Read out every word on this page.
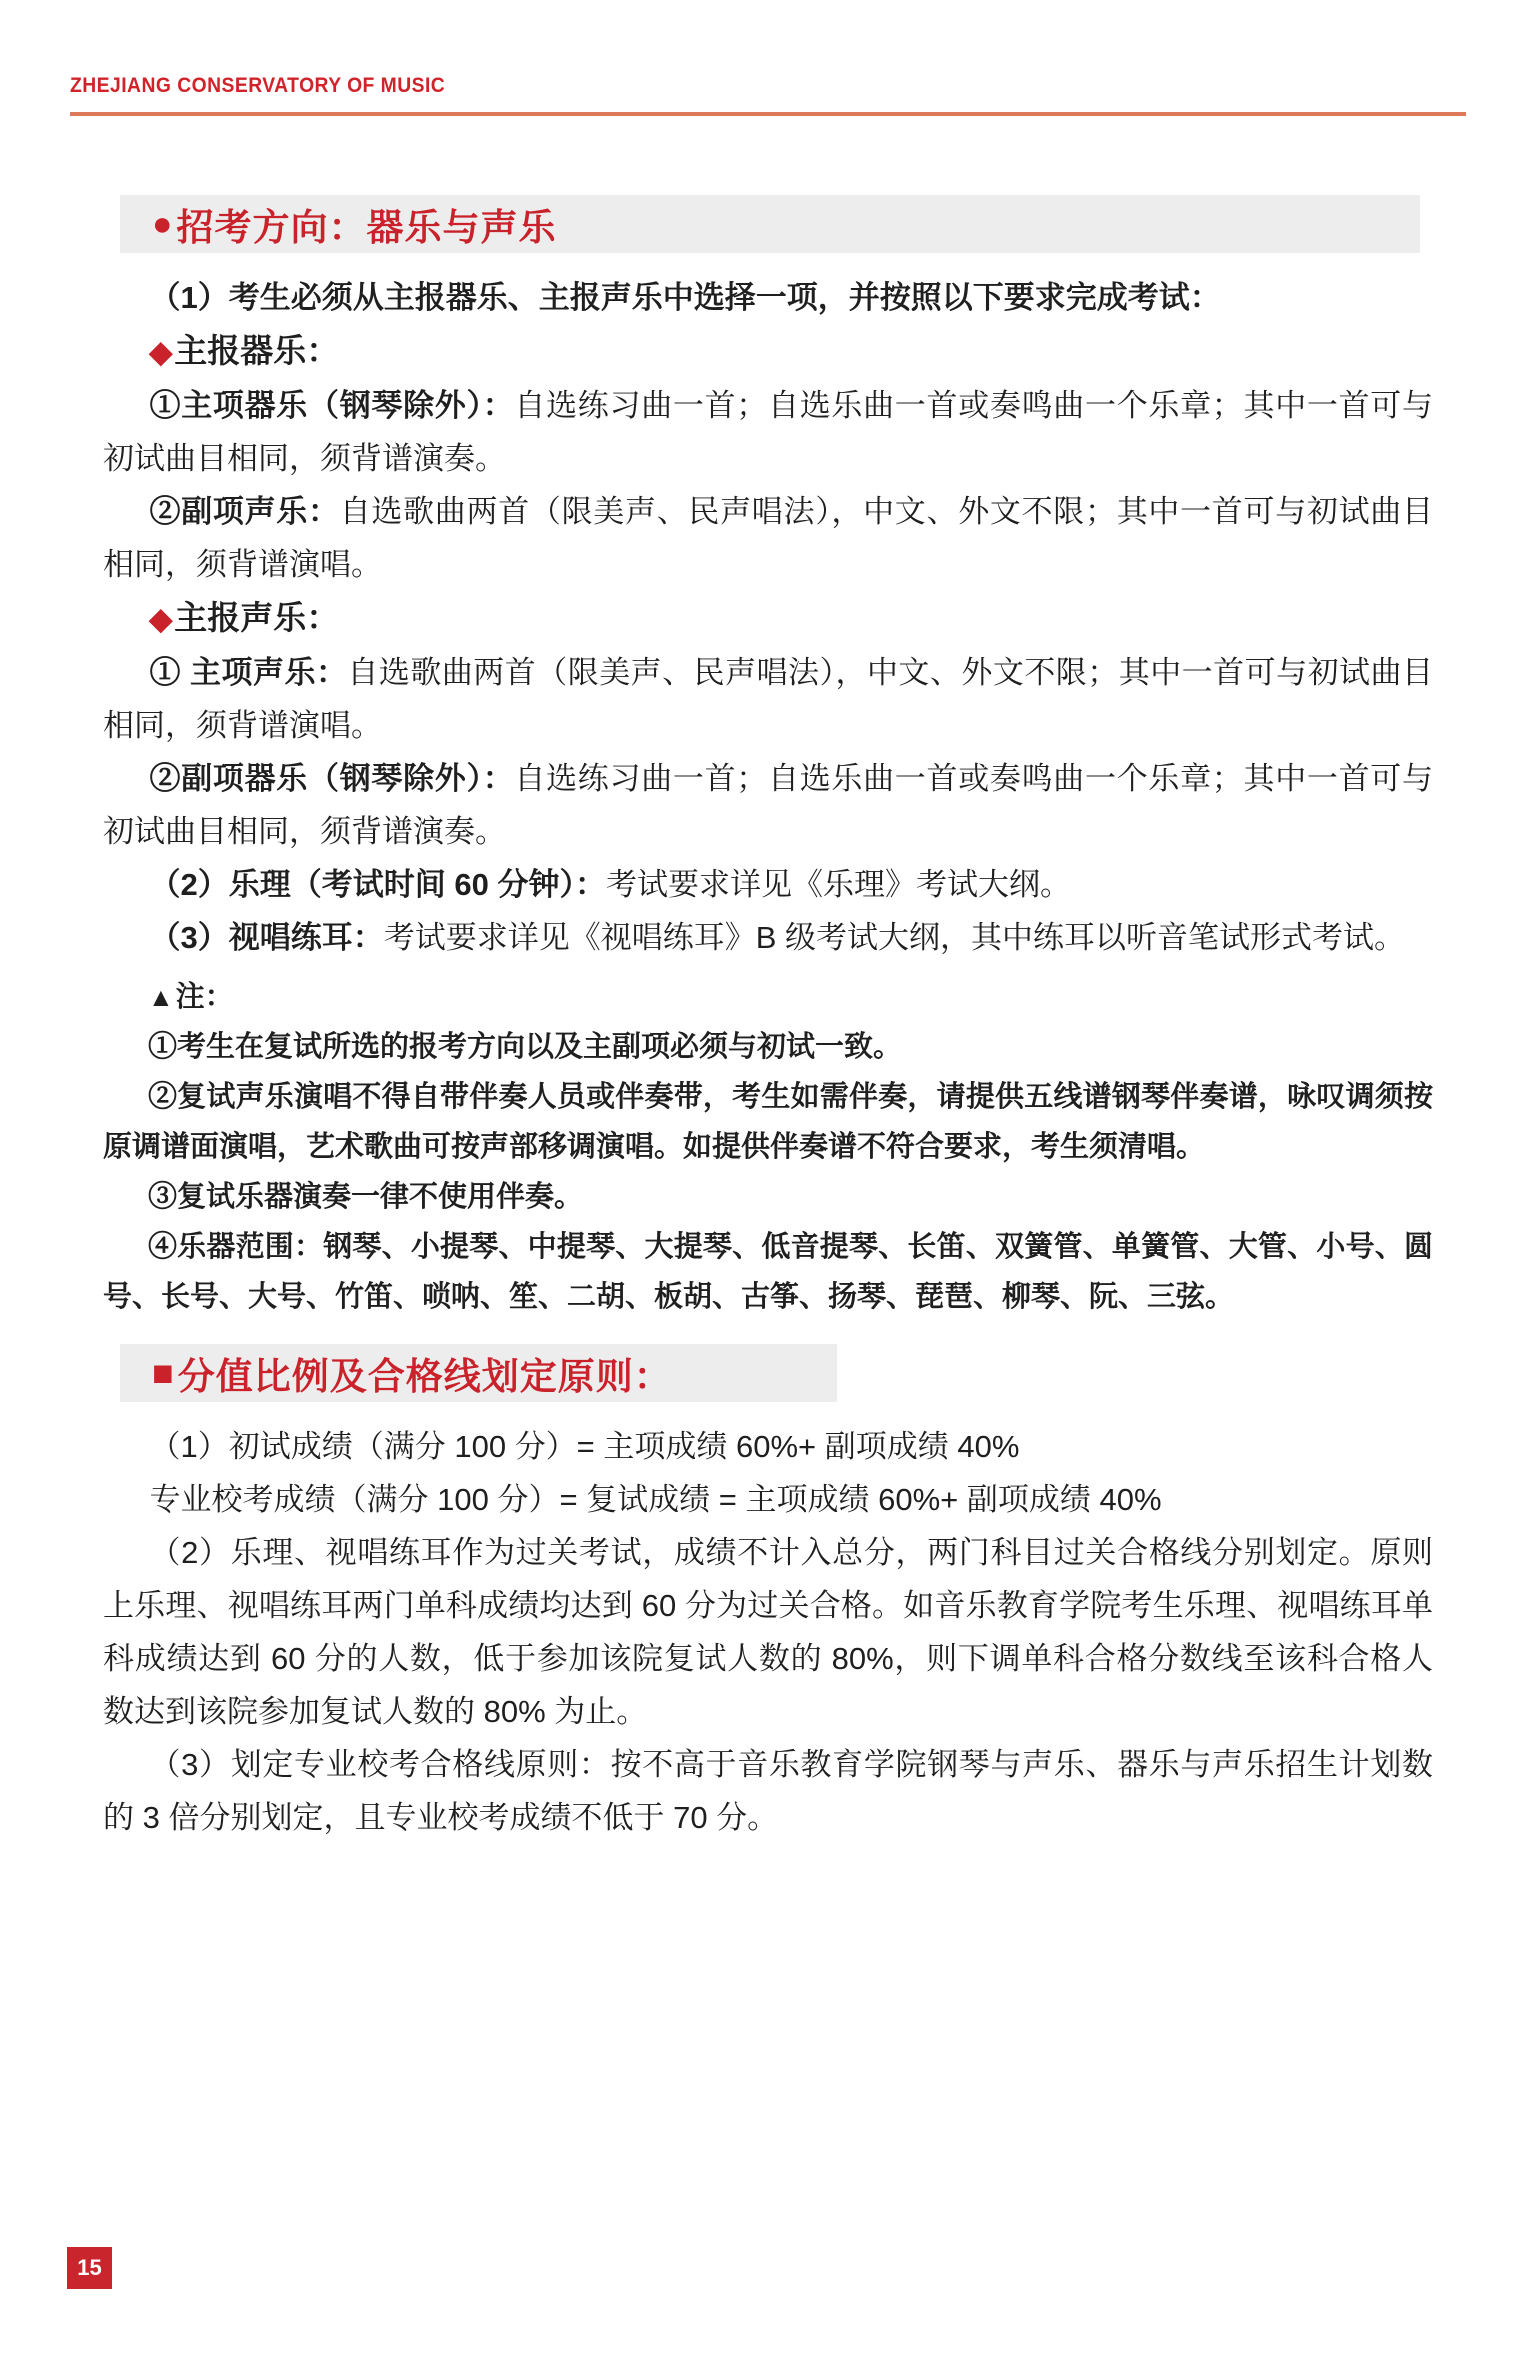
ZHEJIANG CONSERVATORY OF MUSIC
● 招考方向：器乐与声乐

（1）考生必须从主报器乐、主报声乐中选择一项，并按照以下要求完成考试：

◆主报器乐：

①主项器乐（钢琴除外）：自选练习曲一首；自选乐曲一首或奏鸣曲一个乐章；其中一首可与初试曲目相同，须背谱演奏。

②副项声乐：自选歌曲两首（限美声、民声唱法），中文、外文不限；其中一首可与初试曲目相同，须背谱演唱。

◆主报声乐：

① 主项声乐：自选歌曲两首（限美声、民声唱法），中文、外文不限；其中一首可与初试曲目相同，须背谱演唱。

②副项器乐（钢琴除外）：自选练习曲一首；自选乐曲一首或奏鸣曲一个乐章；其中一首可与初试曲目相同，须背谱演奏。

（2）乐理（考试时间 60 分钟）：考试要求详见《乐理》考试大纲。

（3）视唱练耳：考试要求详见《视唱练耳》B 级考试大纲，其中练耳以听音笔试形式考试。

▲注：

①考生在复试所选的报考方向以及主副项必须与初试一致。

②复试声乐演唱不得自带伴奏人员或伴奏带，考生如需伴奏，请提供五线谱钢琴伴奏谱，咏叹调须按原调谱面演唱，艺术歌曲可按声部移调演唱。如提供伴奏谱不符合要求，考生须清唱。

③复试乐器演奏一律不使用伴奏。

④乐器范围：钢琴、小提琴、中提琴、大提琴、低音提琴、长笛、双簧管、单簧管、大管、小号、圆号、长号、大号、竹笛、唢呐、笙、二胡、板胡、古筝、扬琴、琵琶、柳琴、阮、三弦。

■ 分值比例及合格线划定原则：

（1）初试成绩（满分 100 分）= 主项成绩 60%+ 副项成绩 40%

专业校考成绩（满分 100 分）= 复试成绩 = 主项成绩 60%+ 副项成绩 40%

（2）乐理、视唱练耳作为过关考试，成绩不计入总分，两门科目过关合格线分别划定。原则上乐理、视唱练耳两门单科成绩均达到 60 分为过关合格。如音乐教育学院考生乐理、视唱练耳单科成绩达到 60 分的人数，低于参加该院复试人数的 80%，则下调单科合格分数线至该科合格人数达到该院参加复试人数的 80% 为止。

（3）划定专业校考合格线原则：按不高于音乐教育学院钢琴与声乐、器乐与声乐招生计划数的 3 倍分别划定，且专业校考成绩不低于 70 分。

15
